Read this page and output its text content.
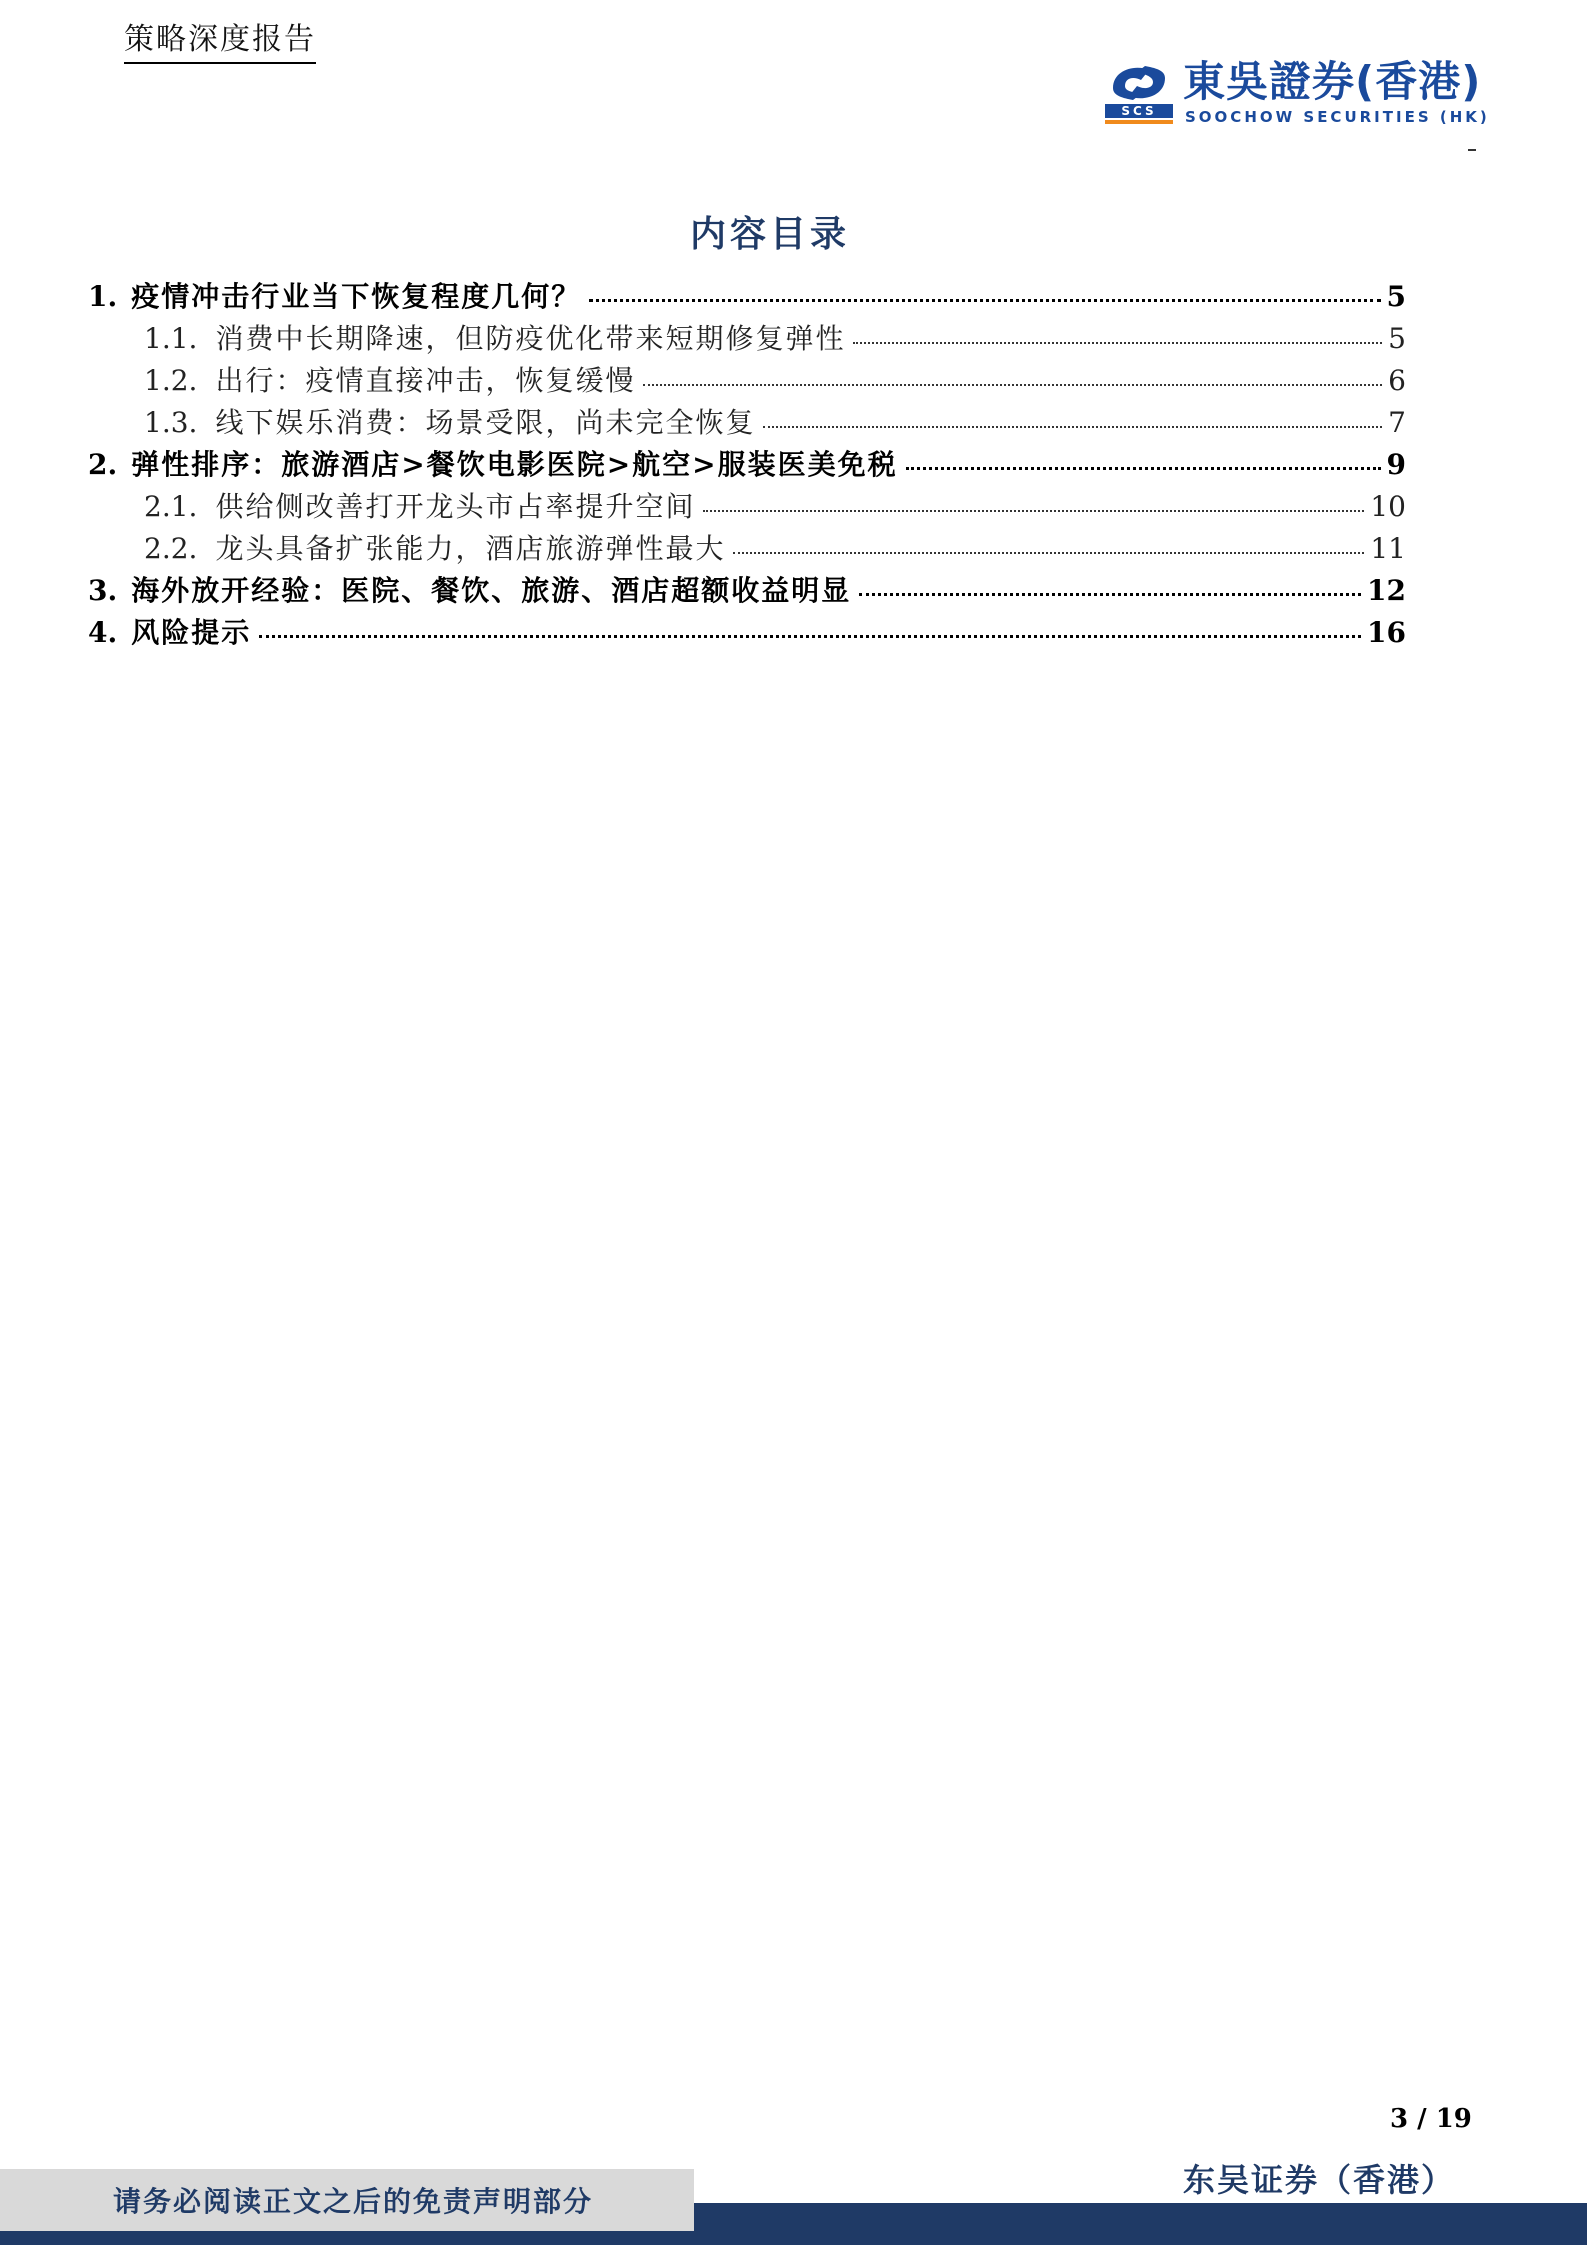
策略深度报告
SCS
東吳證券(香港)
SOOCHOW SECURITIES (HK)
内容目录
1. 疫情冲击行业当下恢复程度几何？	5
1.1. 消费中长期降速，但防疫优化带来短期修复弹性	5
1.2. 出行：疫情直接冲击，恢复缓慢	6
1.3. 线下娱乐消费：场景受限，尚未完全恢复	7
2. 弹性排序：旅游酒店>餐饮电影医院>航空>服装医美免税	9
2.1. 供给侧改善打开龙头市占率提升空间	10
2.2. 龙头具备扩张能力，酒店旅游弹性最大	11
3. 海外放开经验：医院、餐饮、旅游、酒店超额收益明显	12
4. 风险提示	16
3 / 19
东吴证券（香港）
请务必阅读正文之后的免责声明部分
